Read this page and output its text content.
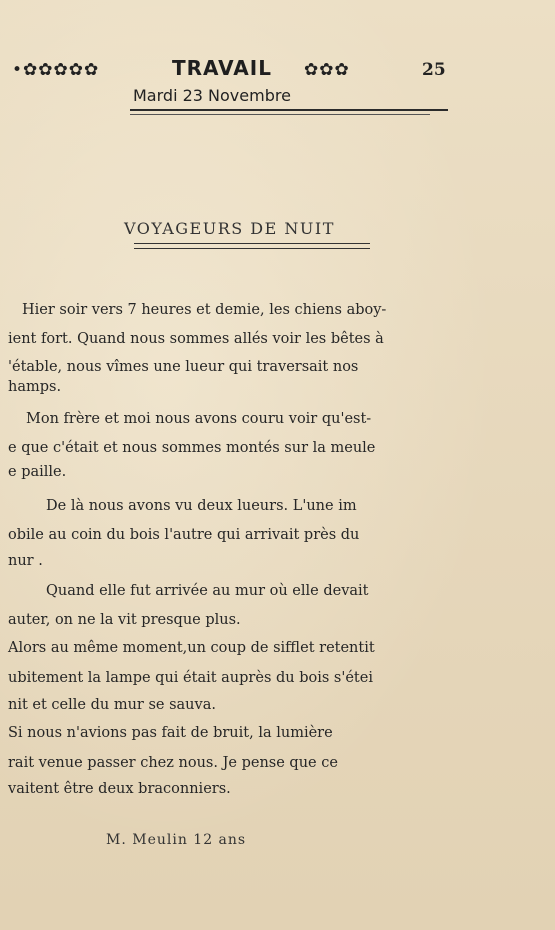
•✿✿✿✿✿	TRAVAIL ✿✿✿	25
Mardi 23 Novembre
VOYAGEURS DE NUIT
Hier soir vers 7 heures et demie, les chiens aboy-
ient fort. Quand nous sommes allés voir les bêtes à
'étable, nous vîmes une lueur qui traversait nos
hamps.
Mon frère et moi nous avons couru voir qu'est-
e que c'était et nous sommes montés sur la meule
e paille.
De là nous avons vu deux lueurs. L'une im
obile au coin du bois l'autre qui arrivait près du
nur .
Quand elle fut arrivée au mur où elle devait
auter, on ne la vit presque plus.
Alors au même moment,un coup de sifflet retentit
ubitement la lampe qui était auprès du bois s'étei
nit et celle du mur se sauva.
Si nous n'avions pas fait de bruit, la lumière
rait venue passer chez nous. Je pense que ce
vaitent être deux braconniers.
M. Meulin 12 ans
